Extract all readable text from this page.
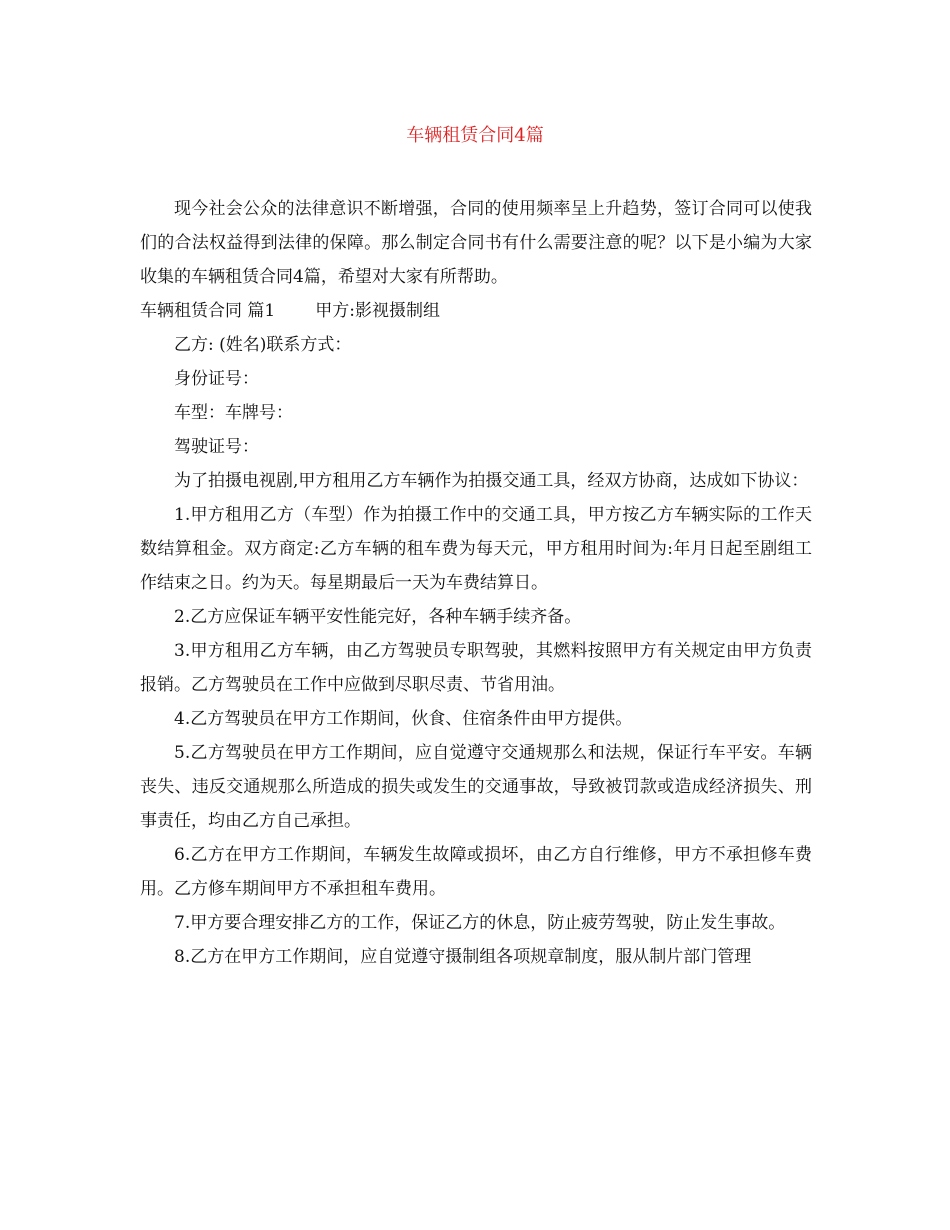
车辆租赁合同4篇

现今社会公众的法律意识不断增强，合同的使用频率呈上升趋势，签订合同可以使我们的合法权益得到法律的保障。那么制定合同书有什么需要注意的呢？以下是小编为大家收集的车辆租赁合同4篇，希望对大家有所帮助。

车辆租赁合同 篇1 甲方:影视摄制组

乙方: (姓名)联系方式：

身份证号：

车型：车牌号：

驾驶证号：

为了拍摄电视剧,甲方租用乙方车辆作为拍摄交通工具，经双方协商，达成如下协议：

1.甲方租用乙方（车型）作为拍摄工作中的交通工具，甲方按乙方车辆实际的工作天数结算租金。双方商定:乙方车辆的租车费为每天元，甲方租用时间为:年月日起至剧组工作结束之日。约为天。每星期最后一天为车费结算日。

2.乙方应保证车辆平安性能完好，各种车辆手续齐备。

3.甲方租用乙方车辆，由乙方驾驶员专职驾驶，其燃料按照甲方有关规定由甲方负责报销。乙方驾驶员在工作中应做到尽职尽责、节省用油。

4.乙方驾驶员在甲方工作期间，伙食、住宿条件由甲方提供。

5.乙方驾驶员在甲方工作期间，应自觉遵守交通规那么和法规，保证行车平安。车辆丧失、违反交通规那么所造成的损失或发生的交通事故，导致被罚款或造成经济损失、刑事责任，均由乙方自己承担。

6.乙方在甲方工作期间，车辆发生故障或损坏，由乙方自行维修，甲方不承担修车费用。乙方修车期间甲方不承担租车费用。

7.甲方要合理安排乙方的工作，保证乙方的休息，防止疲劳驾驶，防止发生事故。

8.乙方在甲方工作期间，应自觉遵守摄制组各项规章制度，服从制片部门管理
